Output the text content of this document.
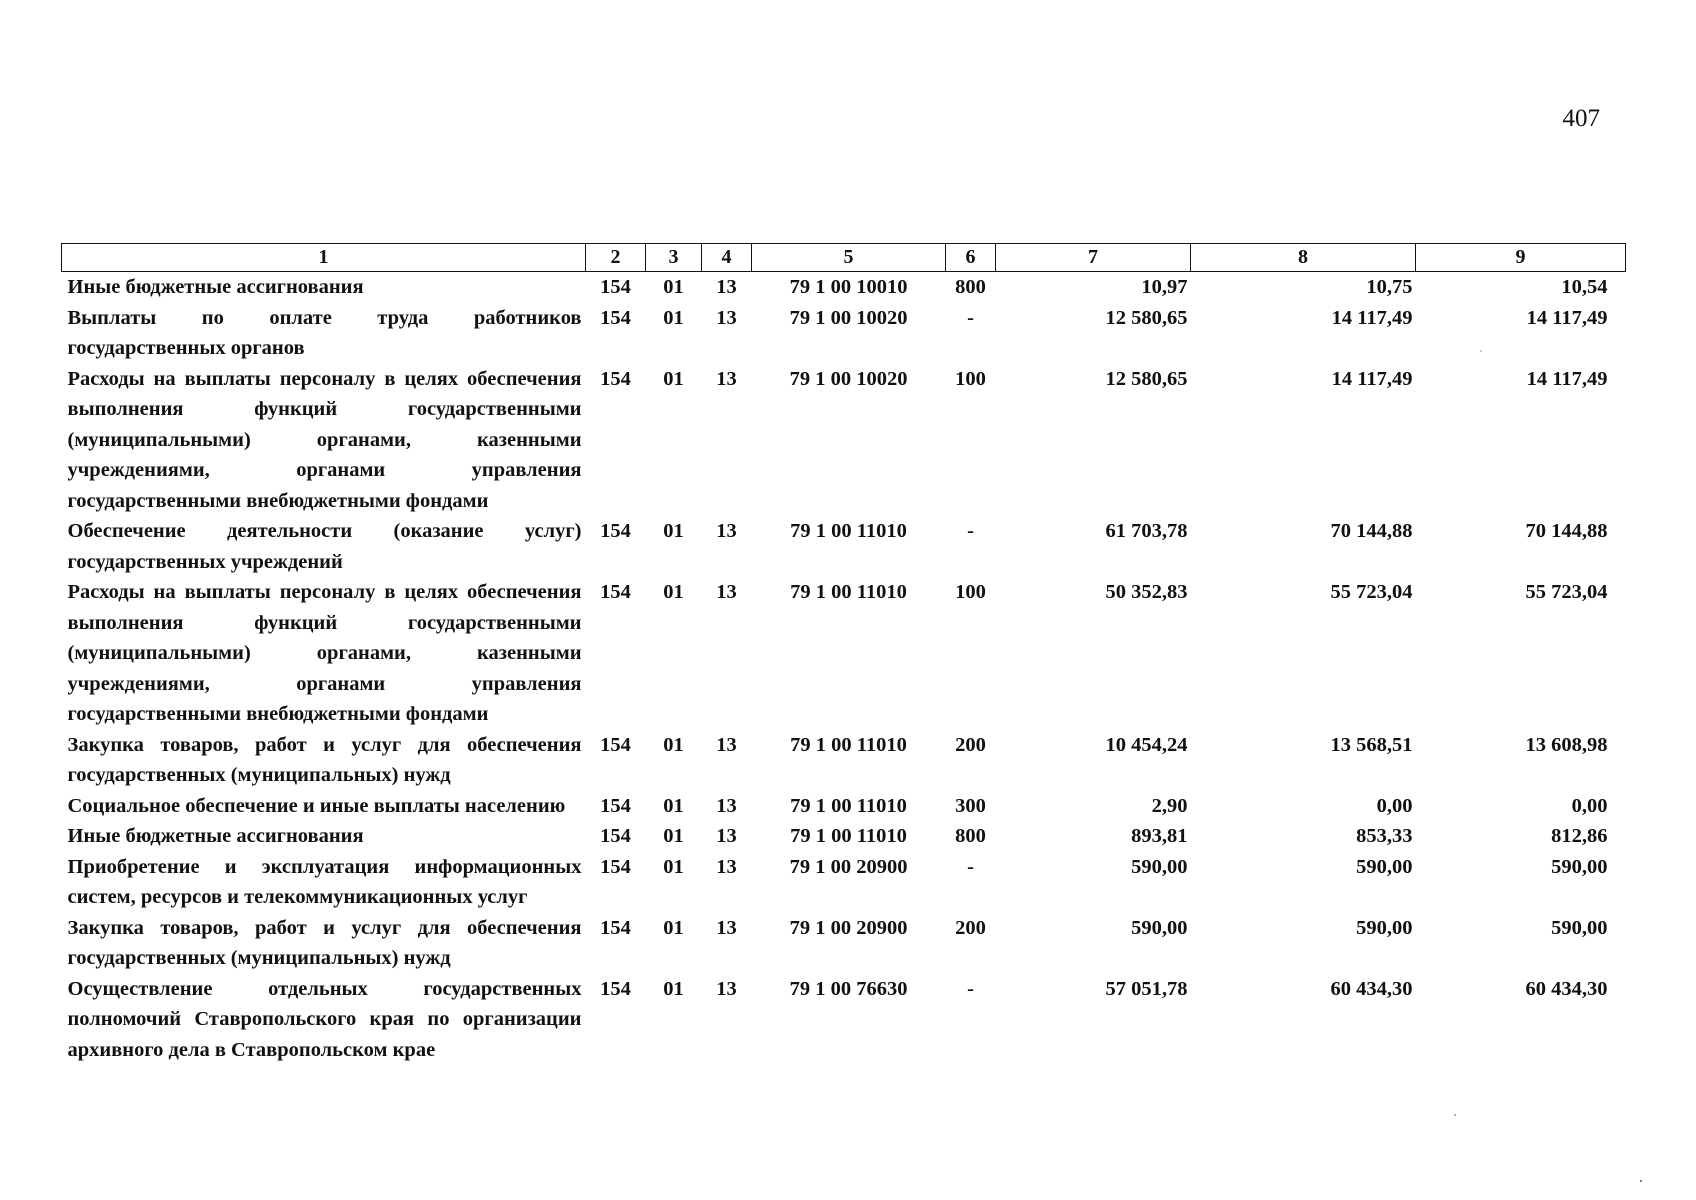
407
1	2	3	4	5	6	7	8	9
Иные бюджетные ассигнования	154	01	13	79 1 00 10010	800	10,97	10,75	10,54
Выплаты по оплате труда работников государственных органов	154	01	13	79 1 00 10020	-	12 580,65	14 117,49	14 117,49
Расходы на выплаты персоналу в целях обеспечения выполнения функций государственными (муниципальными) органами, казенными учреждениями, органами управления государственными внебюджетными фондами	154	01	13	79 1 00 10020	100	12 580,65	14 117,49	14 117,49
Обеспечение деятельности (оказание услуг) государственных учреждений	154	01	13	79 1 00 11010	-	61 703,78	70 144,88	70 144,88
Расходы на выплаты персоналу в целях обеспечения выполнения функций государственными (муниципальными) органами, казенными учреждениями, органами управления государственными внебюджетными фондами	154	01	13	79 1 00 11010	100	50 352,83	55 723,04	55 723,04
Закупка товаров, работ и услуг для обеспечения государственных (муниципальных) нужд	154	01	13	79 1 00 11010	200	10 454,24	13 568,51	13 608,98
Социальное обеспечение и иные выплаты населению	154	01	13	79 1 00 11010	300	2,90	0,00	0,00
Иные бюджетные ассигнования	154	01	13	79 1 00 11010	800	893,81	853,33	812,86
Приобретение и эксплуатация информационных систем, ресурсов и телекоммуникационных услуг	154	01	13	79 1 00 20900	-	590,00	590,00	590,00
Закупка товаров, работ и услуг для обеспечения государственных (муниципальных) нужд	154	01	13	79 1 00 20900	200	590,00	590,00	590,00
Осуществление отдельных государственных полномочий Ставропольского края по организации архивного дела в Ставропольском крае	154	01	13	79 1 00 76630	-	57 051,78	60 434,30	60 434,30
